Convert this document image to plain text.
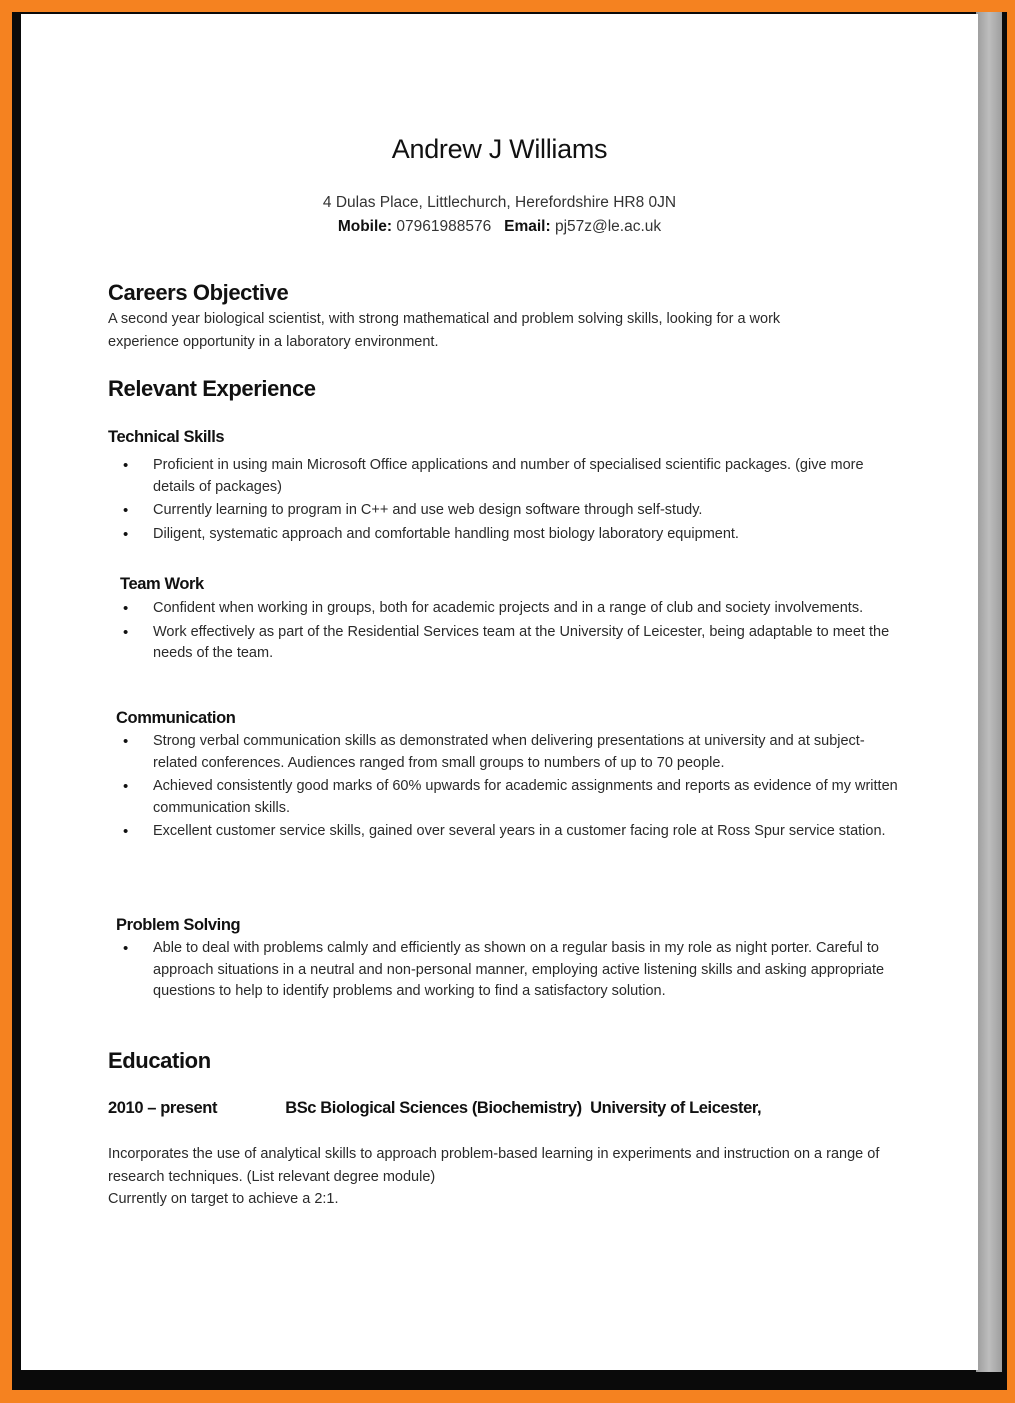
Andrew J Williams
4 Dulas Place, Littlechurch, Herefordshire HR8 0JN
Mobile: 07961988576 Email: pj57z@le.ac.uk
Careers Objective
A second year biological scientist, with strong mathematical and problem solving skills, looking for a work experience opportunity in a laboratory environment.
Relevant Experience
Technical Skills
• Proficient in using main Microsoft Office applications and number of specialised scientific packages. (give more details of packages)
• Currently learning to program in C++ and use web design software through self-study.
• Diligent, systematic approach and comfortable handling most biology laboratory equipment.
Team Work
• Confident when working in groups, both for academic projects and in a range of club and society involvements.
• Work effectively as part of the Residential Services team at the University of Leicester, being adaptable to meet the needs of the team.
Communication
• Strong verbal communication skills as demonstrated when delivering presentations at university and at subject-related conferences. Audiences ranged from small groups to numbers of up to 70 people.
• Achieved consistently good marks of 60% upwards for academic assignments and reports as evidence of my written communication skills.
• Excellent customer service skills, gained over several years in a customer facing role at Ross Spur service station.
Problem Solving
• Able to deal with problems calmly and efficiently as shown on a regular basis in my role as night porter. Careful to approach situations in a neutral and non-personal manner, employing active listening skills and asking appropriate questions to help to identify problems and working to find a satisfactory solution.
Education
2010 – present	BSc Biological Sciences (Biochemistry) University of Leicester,
Incorporates the use of analytical skills to approach problem-based learning in experiments and instruction on a range of research techniques. (List relevant degree module)
Currently on target to achieve a 2:1.
